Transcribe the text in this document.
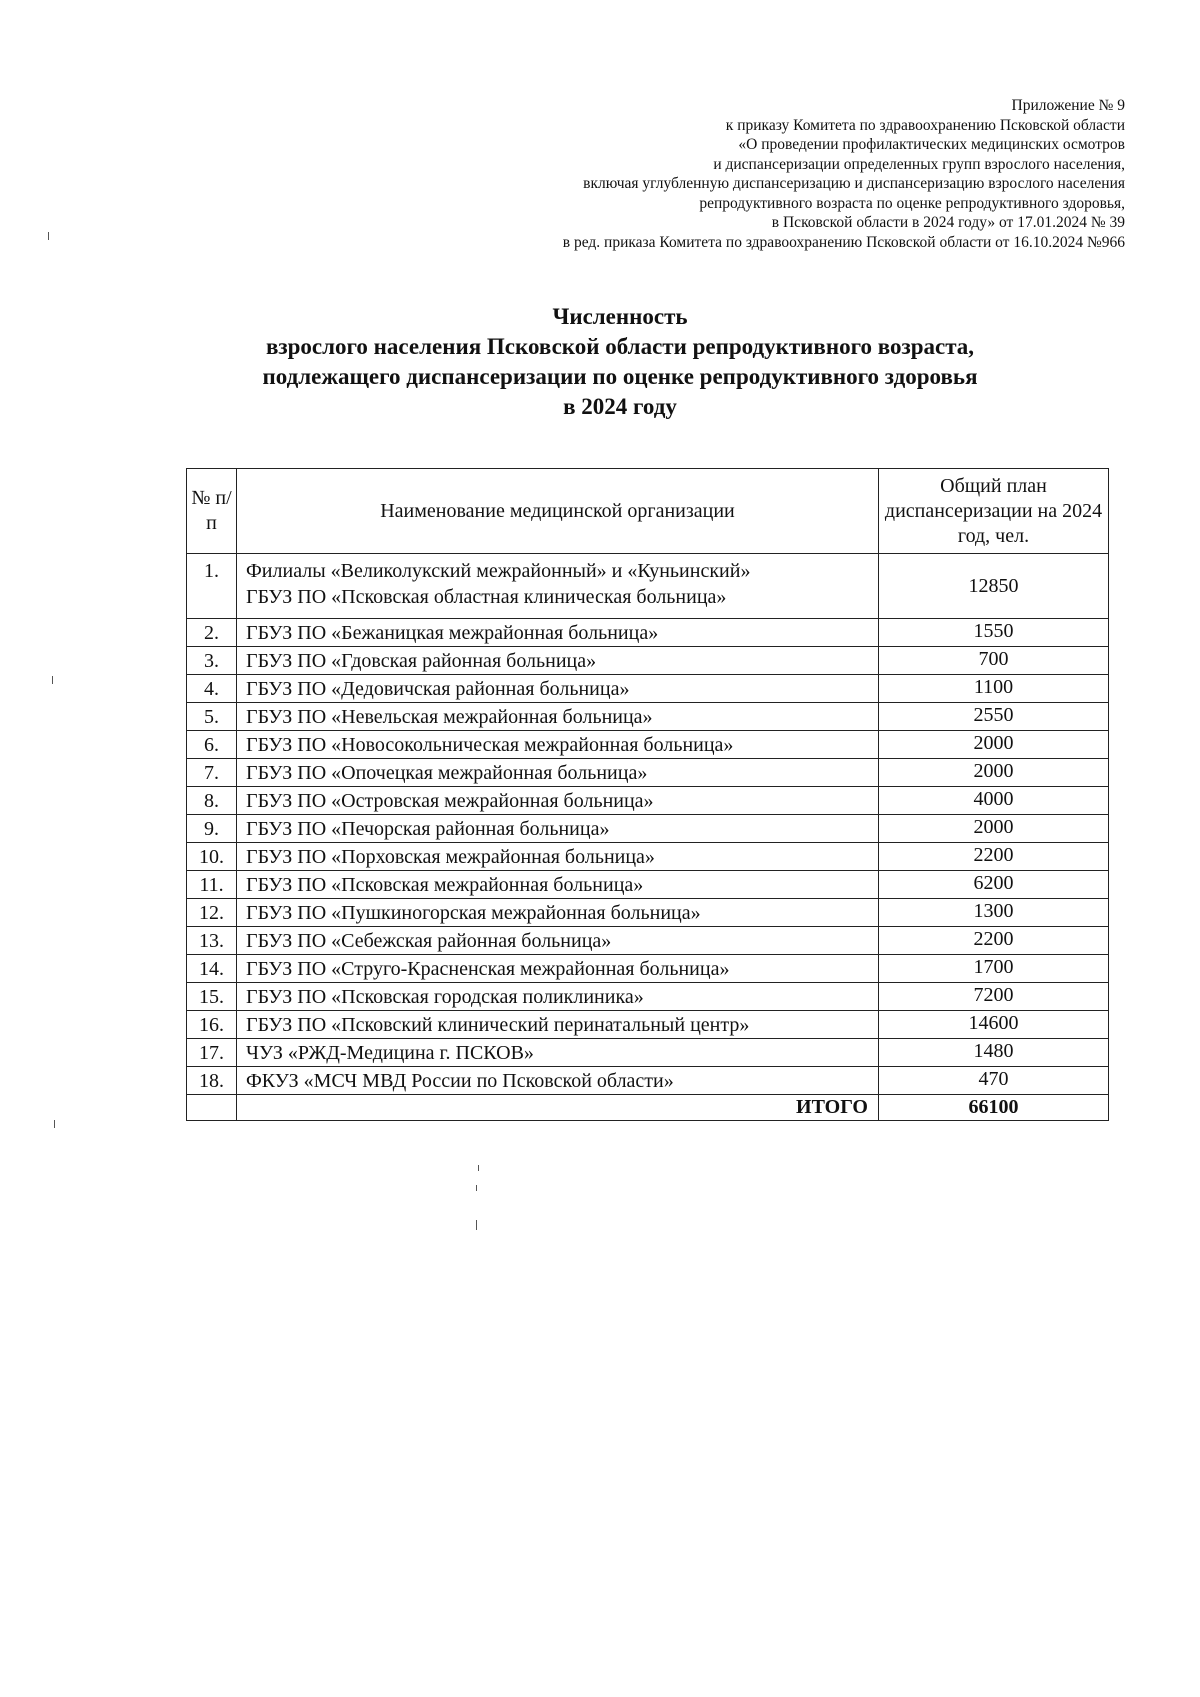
Приложение № 9
к приказу Комитета по здравоохранению Псковской области
«О проведении профилактических медицинских осмотров
и диспансеризации определенных групп взрослого населения,
включая углубленную диспансеризацию и диспансеризацию взрослого населения
репродуктивного возраста по оценке репродуктивного здоровья,
в Псковской области в 2024 году» от 17.01.2024 № 39
в ред. приказа Комитета по здравоохранению Псковской области от 16.10.2024 №966
Численность
взрослого населения Псковской области репродуктивного возраста,
подлежащего диспансеризации по оценке репродуктивного здоровья
в 2024 году
№ п/п	Наименование медицинской организации	Общий план диспансеризации на 2024 год, чел.
1.	Филиалы «Великолукский межрайонный» и «Куньинский»
ГБУЗ ПО «Псковская областная клиническая больница»	12850
2.	ГБУЗ ПО «Бежаницкая межрайонная больница»	1550
3.	ГБУЗ ПО «Гдовская районная больница»	700
4.	ГБУЗ ПО «Дедовичская районная больница»	1100
5.	ГБУЗ ПО «Невельская межрайонная больница»	2550
6.	ГБУЗ ПО «Новосокольническая межрайонная больница»	2000
7.	ГБУЗ ПО «Опочецкая межрайонная больница»	2000
8.	ГБУЗ ПО «Островская межрайонная больница»	4000
9.	ГБУЗ ПО «Печорская районная больница»	2000
10.	ГБУЗ ПО «Порховская межрайонная больница»	2200
11.	ГБУЗ ПО «Псковская межрайонная больница»	6200
12.	ГБУЗ ПО «Пушкиногорская межрайонная больница»	1300
13.	ГБУЗ ПО «Себежская районная больница»	2200
14.	ГБУЗ ПО «Струго-Красненская межрайонная больница»	1700
15.	ГБУЗ ПО «Псковская городская поликлиника»	7200
16.	ГБУЗ ПО «Псковский клинический перинатальный центр»	14600
17.	ЧУЗ «РЖД-Медицина г. ПСКОВ»	1480
18.	ФКУЗ «МСЧ МВД России по Псковской области»	470
	ИТОГО	66100
